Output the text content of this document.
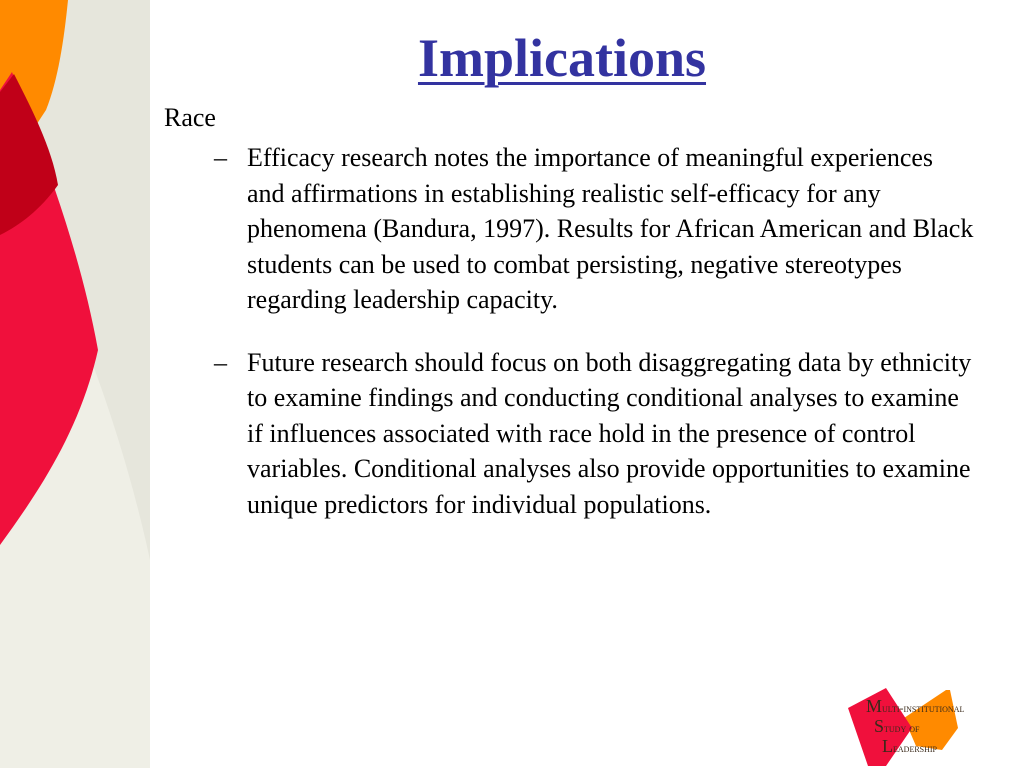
Implications

Race

– Efficacy research notes the importance of meaningful experiences and affirmations in establishing realistic self-efficacy for any phenomena (Bandura, 1997). Results for African American and Black students can be used to combat persisting, negative stereotypes regarding leadership capacity.
– Future research should focus on both disaggregating data by ethnicity to examine findings and conducting conditional analyses to examine if influences associated with race hold in the presence of control variables. Conditional analyses also provide opportunities to examine unique predictors for individual populations.
Multi-institutional
Study of
Leadership
